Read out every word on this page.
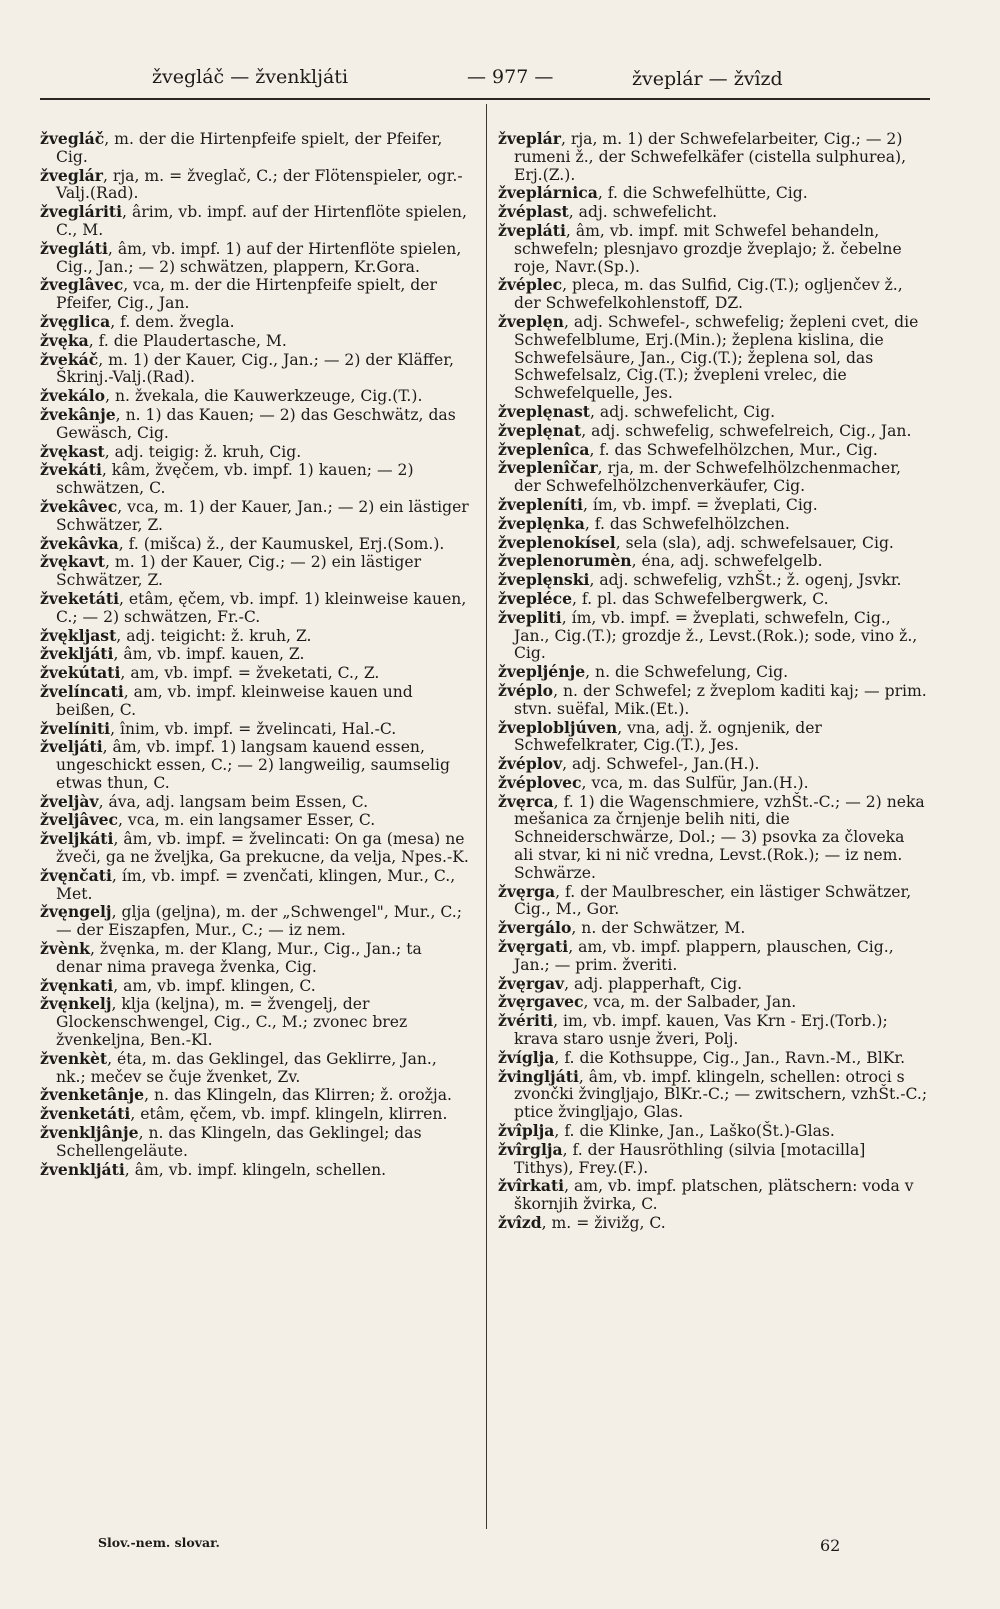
žvegláč — žvenkljáti	— 977 —	žveplár — žvîzd
žvegláč, m. der die Hirtenpfeife spielt, der Pfeifer, Cig.
žveglár, rja, m. = žveglač, C.; der Flötenspieler, ogr.-Valj.(Rad).
žvegláriti, ârim, vb. impf. auf der Hirtenflöte spielen, C., M.
žvegláti, âm, vb. impf. 1) auf der Hirtenflöte spielen, Cig., Jan.; — 2) schwätzen, plappern, Kr.Gora.
žveglâvec, vca, m. der die Hirtenpfeife spielt, der Pfeifer, Cig., Jan.
žvęglica, f. dem. žvegla.
žvęka, f. die Plaudertasche, M.
žvekáč, m. 1) der Kauer, Cig., Jan.; — 2) der Kläffer, Škrinj.-Valj.(Rad).
žvekálo, n. žvekala, die Kauwerkzeuge, Cig.(T.).
žvekânje, n. 1) das Kauen; — 2) das Geschwätz, das Gewäsch, Cig.
žvękast, adj. teigig: ž. kruh, Cig.
žvekáti, kâm, žvęčem, vb. impf. 1) kauen; — 2) schwätzen, C.
žvekâvec, vca, m. 1) der Kauer, Jan.; — 2) ein lästiger Schwätzer, Z.
žvekâvka, f. (mišca) ž., der Kaumuskel, Erj.(Som.).
žvękavt, m. 1) der Kauer, Cig.; — 2) ein lästiger Schwätzer, Z.
žveketáti, etâm, ęčem, vb. impf. 1) kleinweise kauen, C.; — 2) schwätzen, Fr.-C.
žvękljast, adj. teigicht: ž. kruh, Z.
žvekljáti, âm, vb. impf. kauen, Z.
žvekútati, am, vb. impf. = žveketati, C., Z.
žvelíncati, am, vb. impf. kleinweise kauen und beißen, C.
žvelíniti, înim, vb. impf. = žvelincati, Hal.-C.
žveljáti, âm, vb. impf. 1) langsam kauend essen, ungeschickt essen, C.; — 2) langweilig, saumselig etwas thun, C.
žveljàv, áva, adj. langsam beim Essen, C.
žveljâvec, vca, m. ein langsamer Esser, C.
žveljkáti, âm, vb. impf. = žvelincati: On ga (mesa) ne žveči, ga ne žveljka, Ga prekucne, da velja, Npes.-K.
žvęnčati, ím, vb. impf. = zvenčati, klingen, Mur., C., Met.
žvęngelj, glja (geljna), m. der „Schwengel", Mur., C.; — der Eiszapfen, Mur., C.; — iz nem.
žvènk, žvęnka, m. der Klang, Mur., Cig., Jan.; ta denar nima pravega žvenka, Cig.
žvęnkati, am, vb. impf. klingen, C.
žvęnkelj, klja (keljna), m. = žvengelj, der Glockenschwengel, Cig., C., M.; zvonec brez žvenkeljna, Ben.-Kl.
žvenkèt, éta, m. das Geklingel, das Geklirre, Jan., nk.; mečev se čuje žvenket, Zv.
žvenketânje, n. das Klingeln, das Klirren; ž. orožja.
žvenketáti, etâm, ęčem, vb. impf. klingeln, klirren.
žvenkljânje, n. das Klingeln, das Geklingel; das Schellengeläute.
žvenkljáti, âm, vb. impf. klingeln, schellen.
žveplár, rja, m. 1) der Schwefelarbeiter, Cig.; — 2) rumeni ž., der Schwefelkäfer (cistella sulphurea), Erj.(Z.).
žveplárnica, f. die Schwefelhütte, Cig.
žvéplast, adj. schwefelicht.
žvepláti, âm, vb. impf. mit Schwefel behandeln, schwefeln; plesnjavo grozdje žveplajo; ž. čebelne roje, Navr.(Sp.).
žvéplec, pleca, m. das Sulfid, Cig.(T.); ogljenčev ž., der Schwefelkohlenstoff, DZ.
žveplęn, adj. Schwefel-, schwefelig; žepleni cvet, die Schwefelblume, Erj.(Min.); žeplena kislina, die Schwefelsäure, Jan., Cig.(T.); žeplena sol, das Schwefelsalz, Cig.(T.); žvepleni vrelec, die Schwefelquelle, Jes.
žveplęnast, adj. schwefelicht, Cig.
žveplęnat, adj. schwefelig, schwefelreich, Cig., Jan.
žveplenîca, f. das Schwefelhölzchen, Mur., Cig.
žveplenîčar, rja, m. der Schwefelhölzchenmacher, der Schwefelhölzchenverkäufer, Cig.
žvepleníti, ím, vb. impf. = žveplati, Cig.
žveplęnka, f. das Schwefelhölzchen.
žveplenokísel, sela (sla), adj. schwefelsauer, Cig.
žveplenorumèn, éna, adj. schwefelgelb.
žveplęnski, adj. schwefelig, vzhŠt.; ž. ogenj, Jsvkr.
žvepléce, f. pl. das Schwefelbergwerk, C.
žvepliti, ím, vb. impf. = žveplati, schwefeln, Cig., Jan., Cig.(T.); grozdje ž., Levst.(Rok.); sode, vino ž., Cig.
žvepljénje, n. die Schwefelung, Cig.
žvéplo, n. der Schwefel; z žveplom kaditi kaj; — prim. stvn. suëfal, Mik.(Et.).
žveplobljúven, vna, adj. ž. ognjenik, der Schwefelkrater, Cig.(T.), Jes.
žvéplov, adj. Schwefel-, Jan.(H.).
žvéplovec, vca, m. das Sulfür, Jan.(H.).
žvęrca, f. 1) die Wagenschmiere, vzhŠt.-C.; — 2) neka mešanica za črnjenje belih niti, die Schneiderschwärze, Dol.; — 3) psovka za človeka ali stvar, ki ni nič vredna, Levst.(Rok.); — iz nem. Schwärze.
žvęrga, f. der Maulbrescher, ein lästiger Schwätzer, Cig., M., Gor.
žvergálo, n. der Schwätzer, M.
žvęrgati, am, vb. impf. plappern, plauschen, Cig., Jan.; — prim. žveriti.
žvęrgav, adj. plapperhaft, Cig.
žvęrgavec, vca, m. der Salbader, Jan.
žvériti, im, vb. impf. kauen, Vas Krn - Erj.(Torb.); krava staro usnje žveri, Polj.
žvíglja, f. die Kothsuppe, Cig., Jan., Ravn.-M., BlKr.
žvingljáti, âm, vb. impf. klingeln, schellen: otroci s zvončki žvingljajo, BlKr.-C.; — zwitschern, vzhŠt.-C.; ptice žvingljajo, Glas.
žvîplja, f. die Klinke, Jan., Laško(Št.)-Glas.
žvîrglja, f. der Hausröthling (silvia [motacilla] Tithys), Frey.(F.).
žvîrkati, am, vb. impf. platschen, plätschern: voda v škornjih žvirka, C.
žvîzd, m. = živižg, C.
Slov.-nem. slovar.	62
